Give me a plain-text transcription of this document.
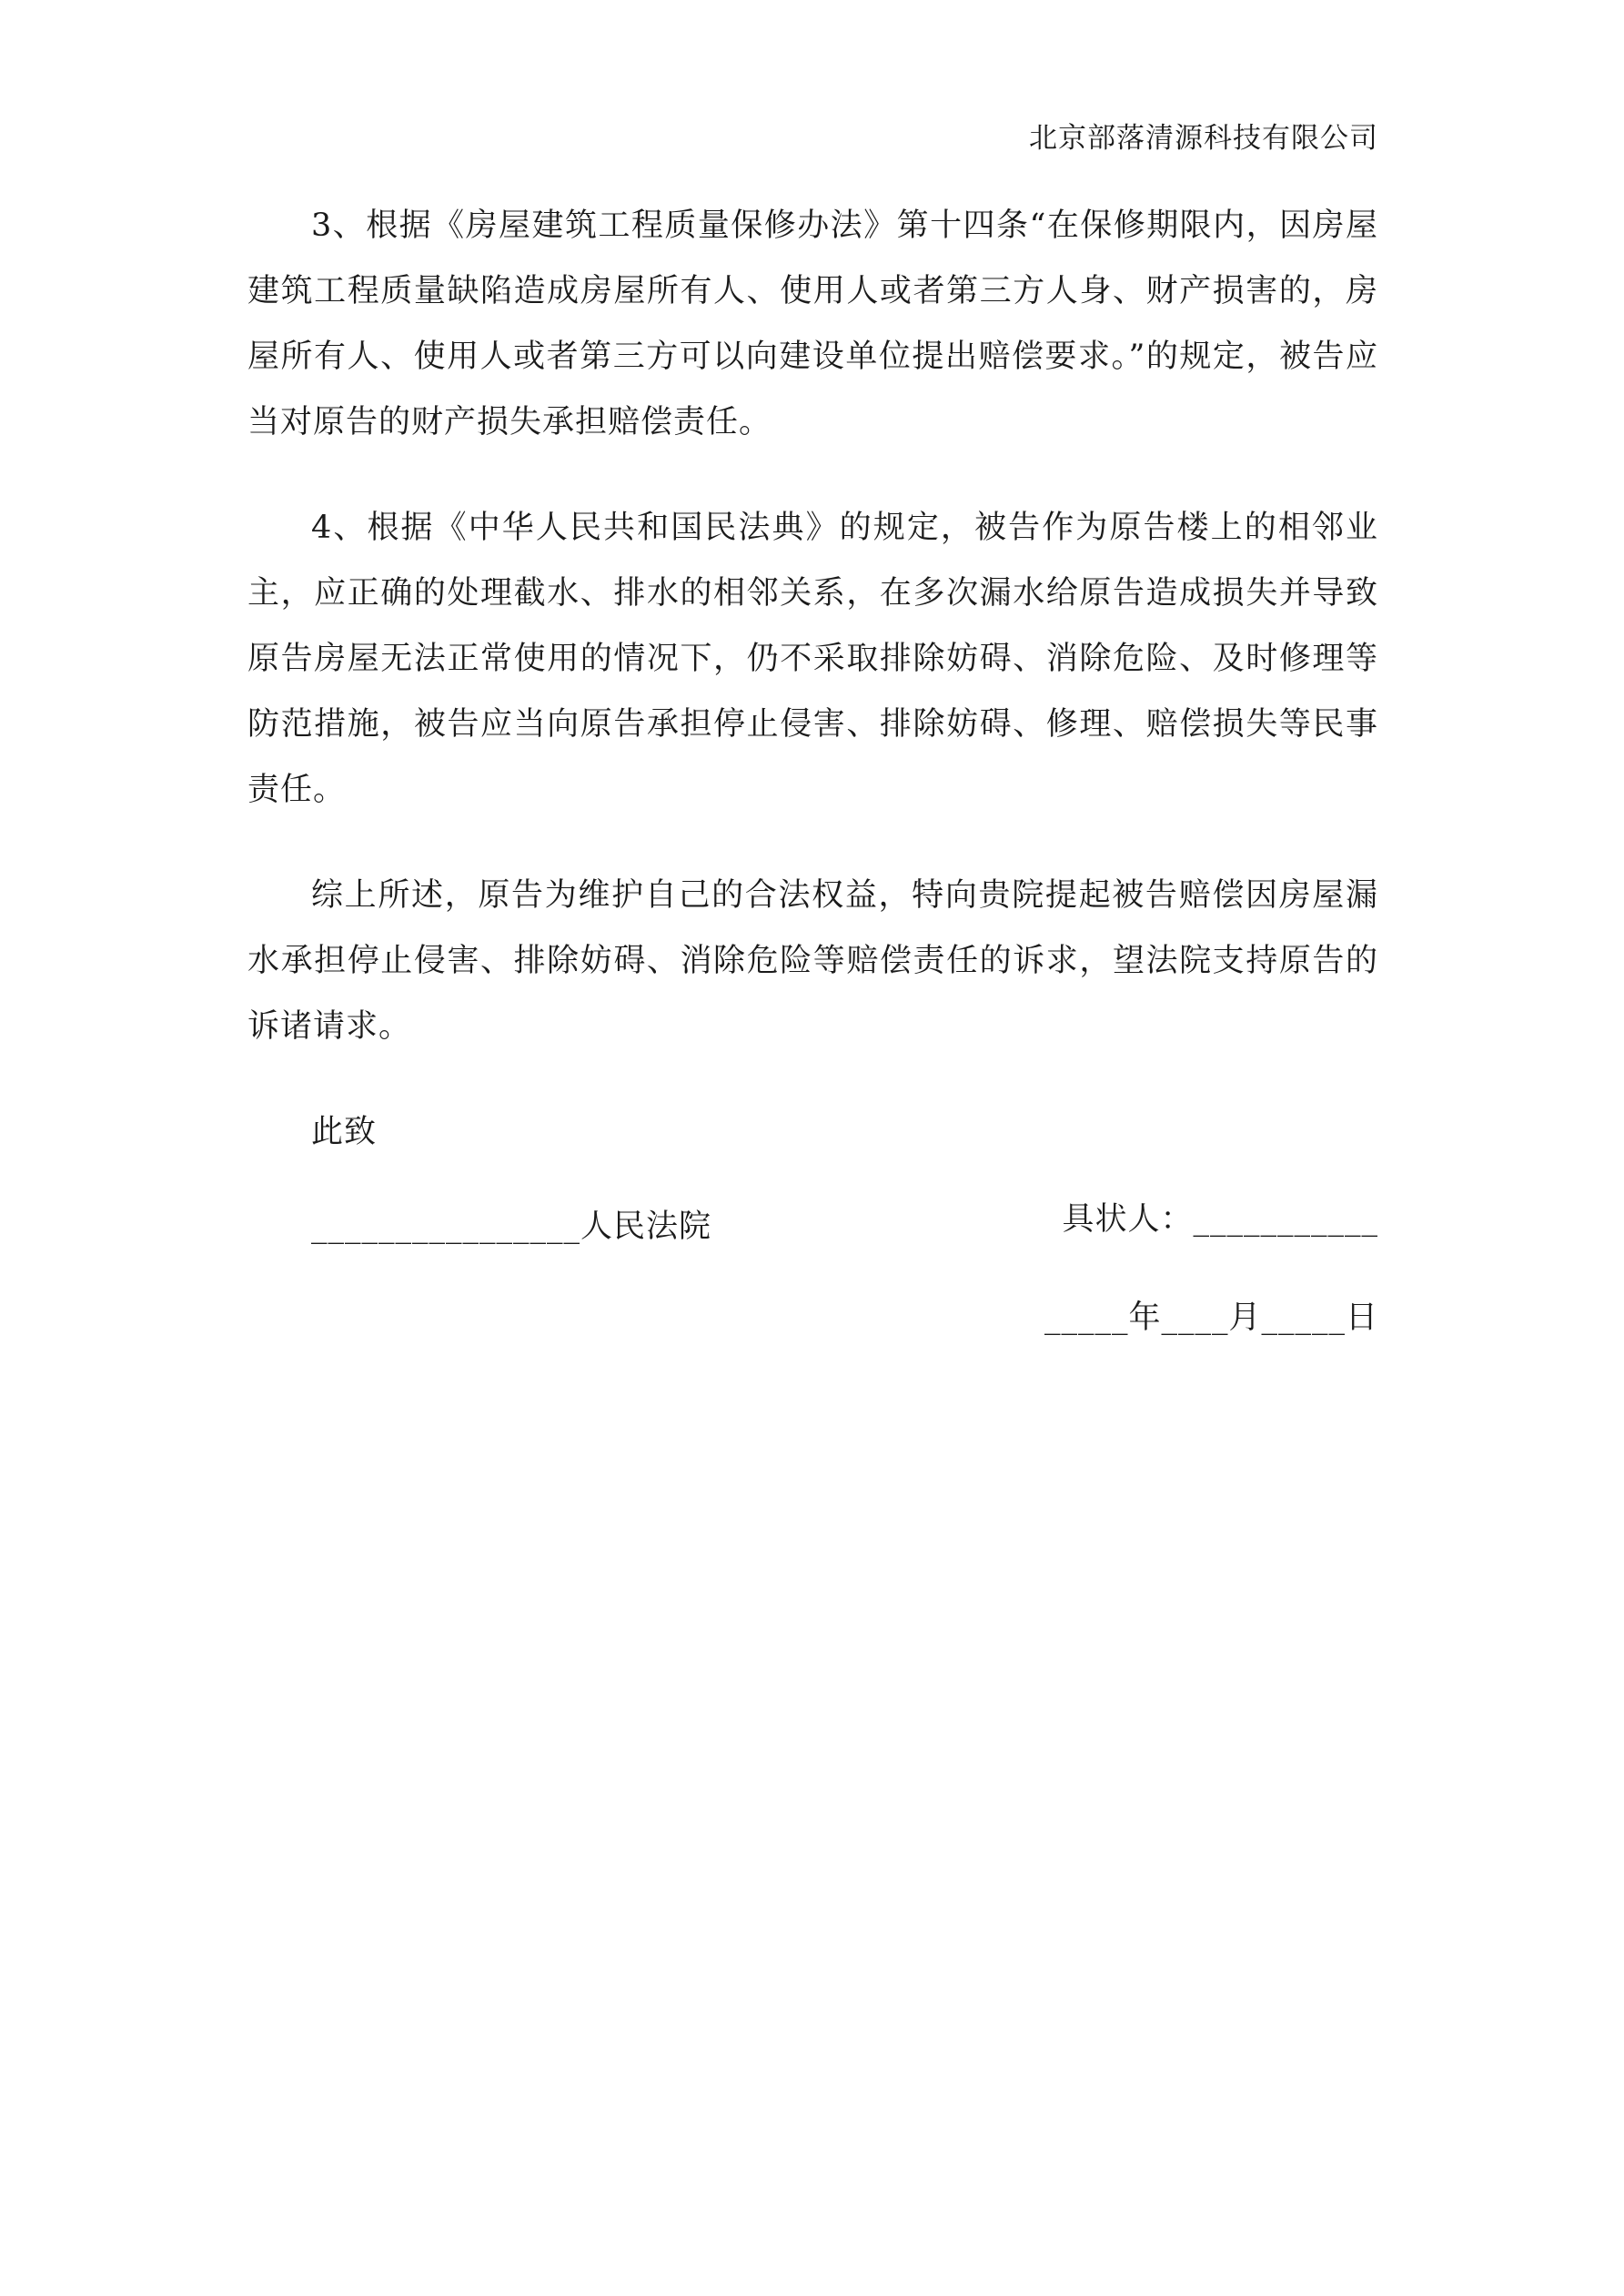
北京部落清源科技有限公司

3、根据《房屋建筑工程质量保修办法》第十四条“在保修期限内，因房屋建筑工程质量缺陷造成房屋所有人、使用人或者第三方人身、财产损害的，房屋所有人、使用人或者第三方可以向建设单位提出赔偿要求。”的规定，被告应当对原告的财产损失承担赔偿责任。

4、根据《中华人民共和国民法典》的规定，被告作为原告楼上的相邻业主，应正确的处理截水、排水的相邻关系，在多次漏水给原告造成损失并导致原告房屋无法正常使用的情况下，仍不采取排除妨碍、消除危险、及时修理等防范措施，被告应当向原告承担停止侵害、排除妨碍、修理、赔偿损失等民事责任。

综上所述，原告为维护自己的合法权益，特向贵院提起被告赔偿因房屋漏水承担停止侵害、排除妨碍、消除危险等赔偿责任的诉求，望法院支持原告的诉诸请求。

此致

________________人民法院	具状人：___________
_____年____月_____日
